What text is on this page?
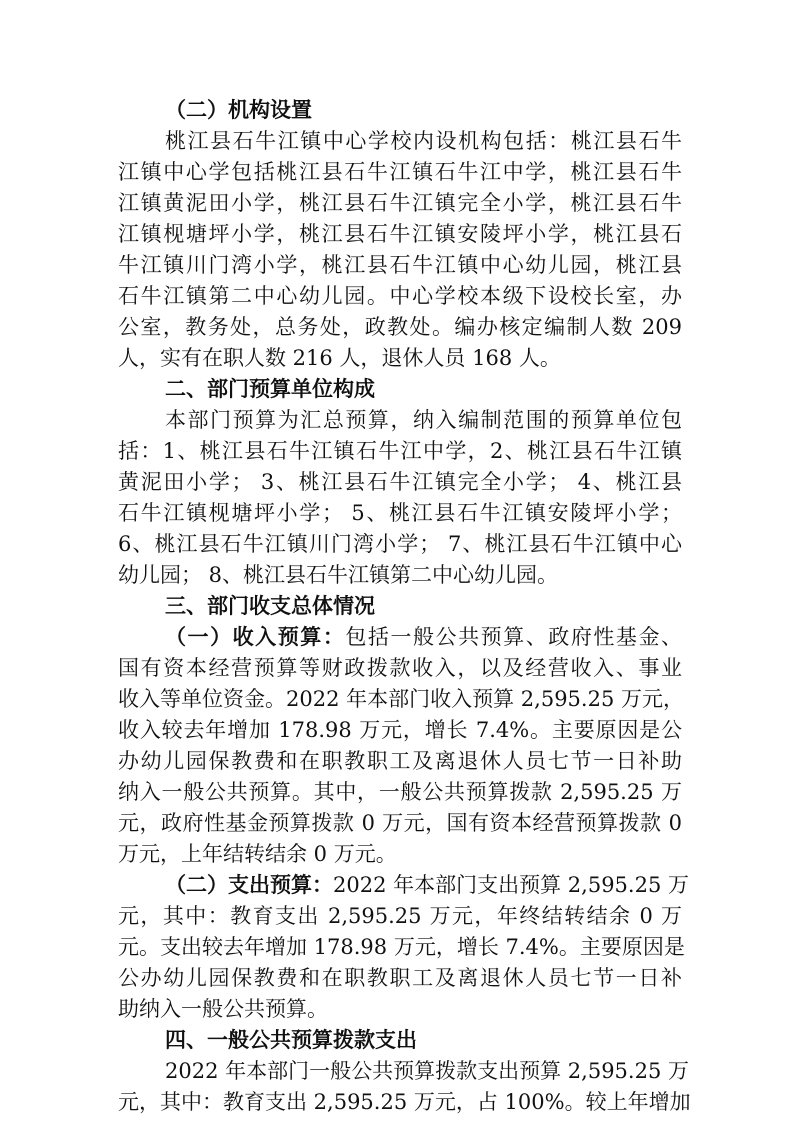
（二）机构设置
桃江县石牛江镇中心学校内设机构包括：桃江县石牛
江镇中心学包括桃江县石牛江镇石牛江中学，桃江县石牛
江镇黄泥田小学，桃江县石牛江镇完全小学，桃江县石牛
江镇枧塘坪小学，桃江县石牛江镇安陵坪小学，桃江县石
牛江镇川门湾小学，桃江县石牛江镇中心幼儿园，桃江县
石牛江镇第二中心幼儿园。中心学校本级下设校长室，办
公室，教务处，总务处，政教处。编办核定编制人数 209
人，实有在职人数 216 人，退休人员 168 人。
二、部门预算单位构成
本部门预算为汇总预算，纳入编制范围的预算单位包
括：1、桃江县石牛江镇石牛江中学，2、桃江县石牛江镇
黄泥田小学； 3、桃江县石牛江镇完全小学； 4、桃江县
石牛江镇枧塘坪小学； 5、桃江县石牛江镇安陵坪小学；
6、桃江县石牛江镇川门湾小学； 7、桃江县石牛江镇中心
幼儿园； 8、桃江县石牛江镇第二中心幼儿园。
三、部门收支总体情况
（一）收入预算：包括一般公共预算、政府性基金、
国有资本经营预算等财政拨款收入，以及经营收入、事业
收入等单位资金。2022 年本部门收入预算 2,595.25 万元，
收入较去年增加 178.98 万元，增长 7.4%。主要原因是公
办幼儿园保教费和在职教职工及离退休人员七节一日补助
纳入一般公共预算。其中，一般公共预算拨款 2,595.25 万
元，政府性基金预算拨款 0 万元，国有资本经营预算拨款 0
万元，上年结转结余 0 万元。
（二）支出预算：2022 年本部门支出预算 2,595.25 万
元，其中：教育支出 2,595.25 万元，年终结转结余 0 万
元。支出较去年增加 178.98 万元，增长 7.4%。主要原因是
公办幼儿园保教费和在职教职工及离退休人员七节一日补
助纳入一般公共预算。
四、一般公共预算拨款支出
2022 年本部门一般公共预算拨款支出预算 2,595.25 万
元，其中：教育支出 2,595.25 万元，占 100%。较上年增加
